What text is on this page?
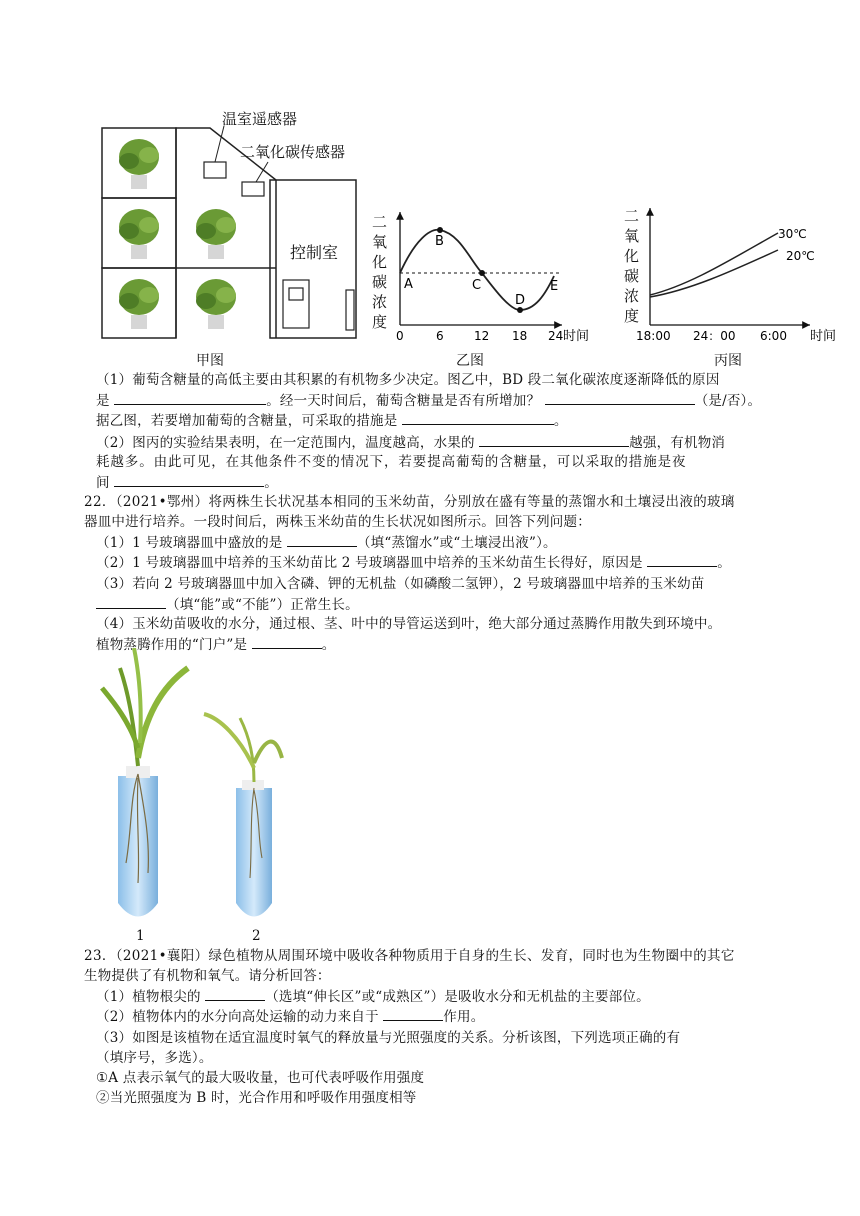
温室遥感器
二氧化碳传感器
控制室
甲图
A
B
C
D
E
0	6	12 18 24 时间
二氧化碳浓度
乙图
30℃
20℃
18:00 24：00 6:00 时间
二氧化碳浓度
丙图
（1）葡萄含糖量的高低主要由其积累的有机物多少决定。图乙中，BD 段二氧化碳浓度逐渐降低的原因
是	。经一天时间后，葡萄含糖量是否有所增加？	（是/否）。
据乙图，若要增加葡萄的含糖量，可采取的措施是	。
（2）图丙的实验结果表明，在一定范围内，温度越高，水果的	越强，有机物消
耗越多。由此可见，在其他条件不变的情况下，若要提高葡萄的含糖量，可以采取的措施是夜
间	。
22．（2021•鄂州）将两株生长状况基本相同的玉米幼苗，分别放在盛有等量的蒸馏水和土壤浸出液的玻璃
器皿中进行培养。一段时间后，两株玉米幼苗的生长状况如图所示。回答下列问题：
（1）1 号玻璃器皿中盛放的是	（填“蒸馏水”或“土壤浸出液”）。
（2）1 号玻璃器皿中培养的玉米幼苗比 2 号玻璃器皿中培养的玉米幼苗生长得好，原因是	。
（3）若向 2 号玻璃器皿中加入含磷、钾的无机盐（如磷酸二氢钾），2 号玻璃器皿中培养的玉米幼苗
（填“能”或“不能”）正常生长。
（4）玉米幼苗吸收的水分，通过根、茎、叶中的导管运送到叶，绝大部分通过蒸腾作用散失到环境中。
植物蒸腾作用的“门户”是	。
1	2
23．（2021•襄阳）绿色植物从周围环境中吸收各种物质用于自身的生长、发育，同时也为生物圈中的其它
生物提供了有机物和氧气。请分析回答：
（1）植物根尖的	（选填“伸长区”或“成熟区”）是吸收水分和无机盐的主要部位。
（2）植物体内的水分向高处运输的动力来自于	作用。
（3）如图是该植物在适宜温度时氧气的释放量与光照强度的关系。分析该图，下列选项正确的有
（填序号，多选）。
①A 点表示氧气的最大吸收量，也可代表呼吸作用强度
②当光照强度为 B 时，光合作用和呼吸作用强度相等
